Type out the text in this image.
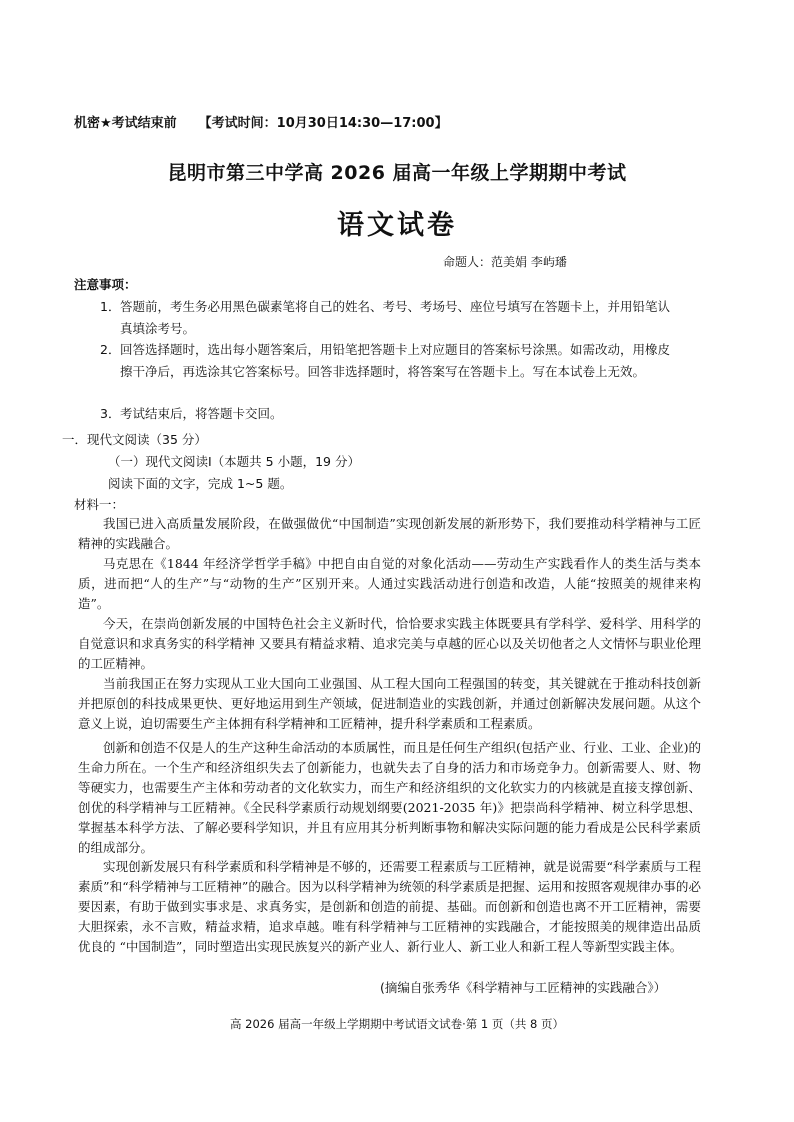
机密★考试结束前 【考试时间：10月30日14:30—17:00】
昆明市第三中学高 2026 届高一年级上学期期中考试
语文试卷
命题人：范美娟 李屿璠
注意事项：
1． 答题前，考生务必用黑色碳素笔将自己的姓名、考号、考场号、座位号填写在答题卡上，并用铅笔认真填涂考号。
2． 回答选择题时，选出每小题答案后，用铅笔把答题卡上对应题目的答案标号涂黑。如需改动，用橡皮擦干净后，再选涂其它答案标号。回答非选择题时，将答案写在答题卡上。写在本试卷上无效。
3． 考试结束后，将答题卡交回。
一．现代文阅读（35 分）
（一）现代文阅读Ⅰ（本题共 5 小题，19 分）
阅读下面的文字，完成 1~5 题。
材料一：
我国已进入高质量发展阶段，在做强做优“中国制造”实现创新发展的新形势下，我们要推动科学精神与工匠精神的实践融合。
马克思在《1844 年经济学哲学手稿》中把自由自觉的对象化活动——劳动生产实践看作人的类生活与类本质，进而把“人的生产”与“动物的生产”区别开来。人通过实践活动进行创造和改造，人能“按照美的规律来构造”。
今天，在崇尚创新发展的中国特色社会主义新时代，恰恰要求实践主体既要具有学科学、爱科学、用科学的自觉意识和求真务实的科学精神 又要具有精益求精、追求完美与卓越的匠心以及关切他者之人文情怀与职业伦理的工匠精神。
当前我国正在努力实现从工业大国向工业强国、从工程大国向工程强国的转变，其关键就在于推动科技创新并把原创的科技成果更快、更好地运用到生产领域，促进制造业的实践创新，并通过创新解决发展问题。从这个意义上说，迫切需要生产主体拥有科学精神和工匠精神，提升科学素质和工程素质。
创新和创造不仅是人的生产这种生命活动的本质属性，而且是任何生产组织(包括产业、行业、工业、企业)的生命力所在。一个生产和经济组织失去了创新能力，也就失去了自身的活力和市场竞争力。创新需要人、财、物等硬实力，也需要生产主体和劳动者的文化软实力，而生产和经济组织的文化软实力的内核就是直接支撑创新、创优的科学精神与工匠精神。《全民科学素质行动规划纲要(2021-2035 年)》把崇尚科学精神、树立科学思想、掌握基本科学方法、了解必要科学知识，并且有应用其分析判断事物和解决实际问题的能力看成是公民科学素质的组成部分。
实现创新发展只有科学素质和科学精神是不够的，还需要工程素质与工匠精神，就是说需要“科学素质与工程素质”和“科学精神与工匠精神”的融合。因为以科学精神为统领的科学素质是把握、运用和按照客观规律办事的必要因素，有助于做到实事求是、求真务实，是创新和创造的前提、基础。而创新和创造也离不开工匠精神，需要大胆探索，永不言败，精益求精，追求卓越。唯有科学精神与工匠精神的实践融合，才能按照美的规律造出品质优良的 “中国制造”，同时塑造出实现民族复兴的新产业人、新行业人、新工业人和新工程人等新型实践主体。
(摘编自张秀华《科学精神与工匠精神的实践融合》）
高 2026 届高一年级上学期期中考试语文试卷·第 1 页（共 8 页）
